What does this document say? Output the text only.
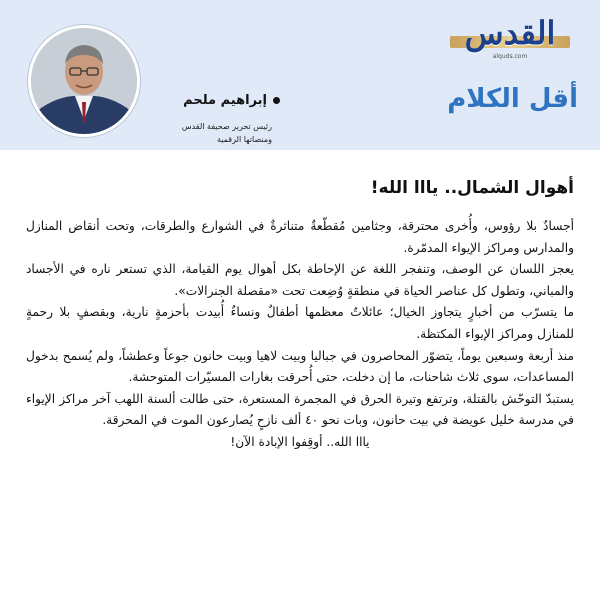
القدس
alquds.com
أقل الكلام
إبراهيم ملحم
رئيس تحرير صحيفة القدس
ومنصاتها الرقمية
أهوال الشمال.. يااا الله!

أجسادٌ بلا رؤوس، وأُخرى محترقة، وجثامين مُقطّعةٌ متناثرةٌ في الشوارع والطرقات، وتحت أنقاض المنازل والمدارس ومراكز الإيواء المدمّرة.

يعجز اللسان عن الوصف، وتنفجر اللغة عن الإحاطة بكل أهوال يوم القيامة، الذي تستعر ناره في الأجساد والمباني، وتطول كل عناصر الحياة في منطقةٍ وُضِعت تحت «مقصلة الجنرالات».

ما يتسرّب من أخبارٍ يتجاوز الخيال؛ عائلاتٌ معظمها أطفالٌ ونساءٌ أُبيدت بأحزمةٍ نارية، وبقصفٍ بلا رحمةٍ للمنازل ومراكز الإيواء المكتظة.

منذ أربعة وسبعين يوماً، يتضوّر المحاصرون في جباليا وبيت لاهيا وبيت حانون جوعاً وعطشاً، ولم يُسمح بدخول المساعدات، سوى ثلاث شاحنات، ما إن دخلت، حتى أُحرقت بغارات المسيّرات المتوحشة.

يستبدّ التوحّش بالقتلة، وترتفع وتيرة الحرق في المجمرة المستعرة، حتى طالت ألسنة اللهب آخر مراكز الإيواء في مدرسة خليل عويضة في بيت حانون، وبات نحو ٤٠ ألف نازحٍ يُصارعون الموت في المحرقة.

يااا الله.. أوقِفوا الإبادة الآن!
